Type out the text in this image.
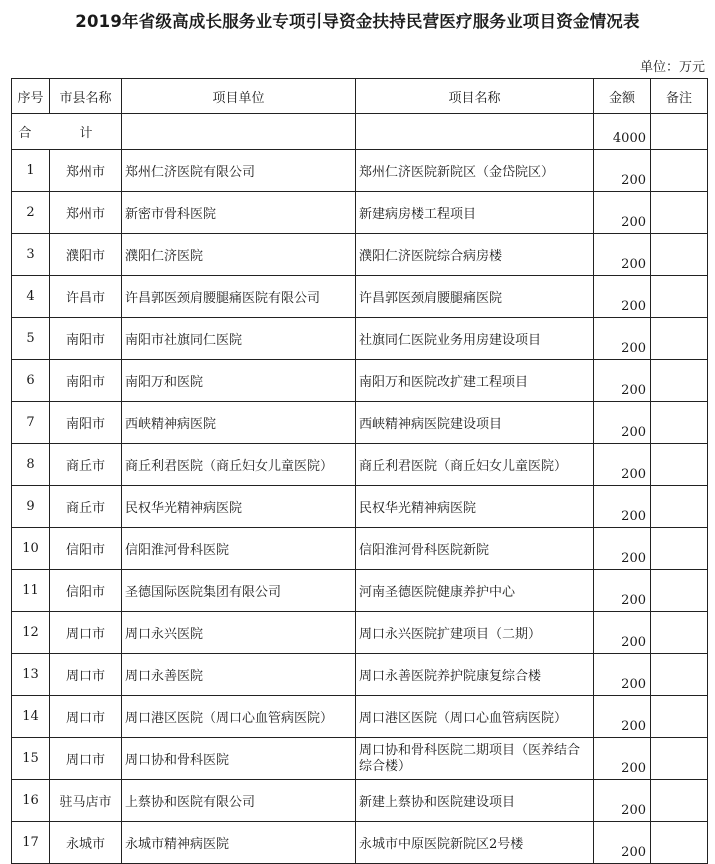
2019年省级高成长服务业专项引导资金扶持民营医疗服务业项目资金情况表
单位：万元
序号	市县名称	项目单位	项目名称	金额	备注
合 计				4000	
1	郑州市	郑州仁济医院有限公司	郑州仁济医院新院区（金岱院区）	200	
2	郑州市	新密市骨科医院	新建病房楼工程项目	200	
3	濮阳市	濮阳仁济医院	濮阳仁济医院综合病房楼	200	
4	许昌市	许昌郭医颈肩腰腿痛医院有限公司	许昌郭医颈肩腰腿痛医院	200	
5	南阳市	南阳市社旗同仁医院	社旗同仁医院业务用房建设项目	200	
6	南阳市	南阳万和医院	南阳万和医院改扩建工程项目	200	
7	南阳市	西峡精神病医院	西峡精神病医院建设项目	200	
8	商丘市	商丘利君医院（商丘妇女儿童医院）	商丘利君医院（商丘妇女儿童医院）	200	
9	商丘市	民权华光精神病医院	民权华光精神病医院	200	
10	信阳市	信阳淮河骨科医院	信阳淮河骨科医院新院	200	
11	信阳市	圣德国际医院集团有限公司	河南圣德医院健康养护中心	200	
12	周口市	周口永兴医院	周口永兴医院扩建项目（二期）	200	
13	周口市	周口永善医院	周口永善医院养护院康复综合楼	200	
14	周口市	周口港区医院（周口心血管病医院）	周口港区医院（周口心血管病医院）	200	
15	周口市	周口协和骨科医院	周口协和骨科医院二期项目（医养结合综合楼）	200	
16	驻马店市	上蔡协和医院有限公司	新建上蔡协和医院建设项目	200	
17	永城市	永城市精神病医院	永城市中原医院新院区2号楼	200	
